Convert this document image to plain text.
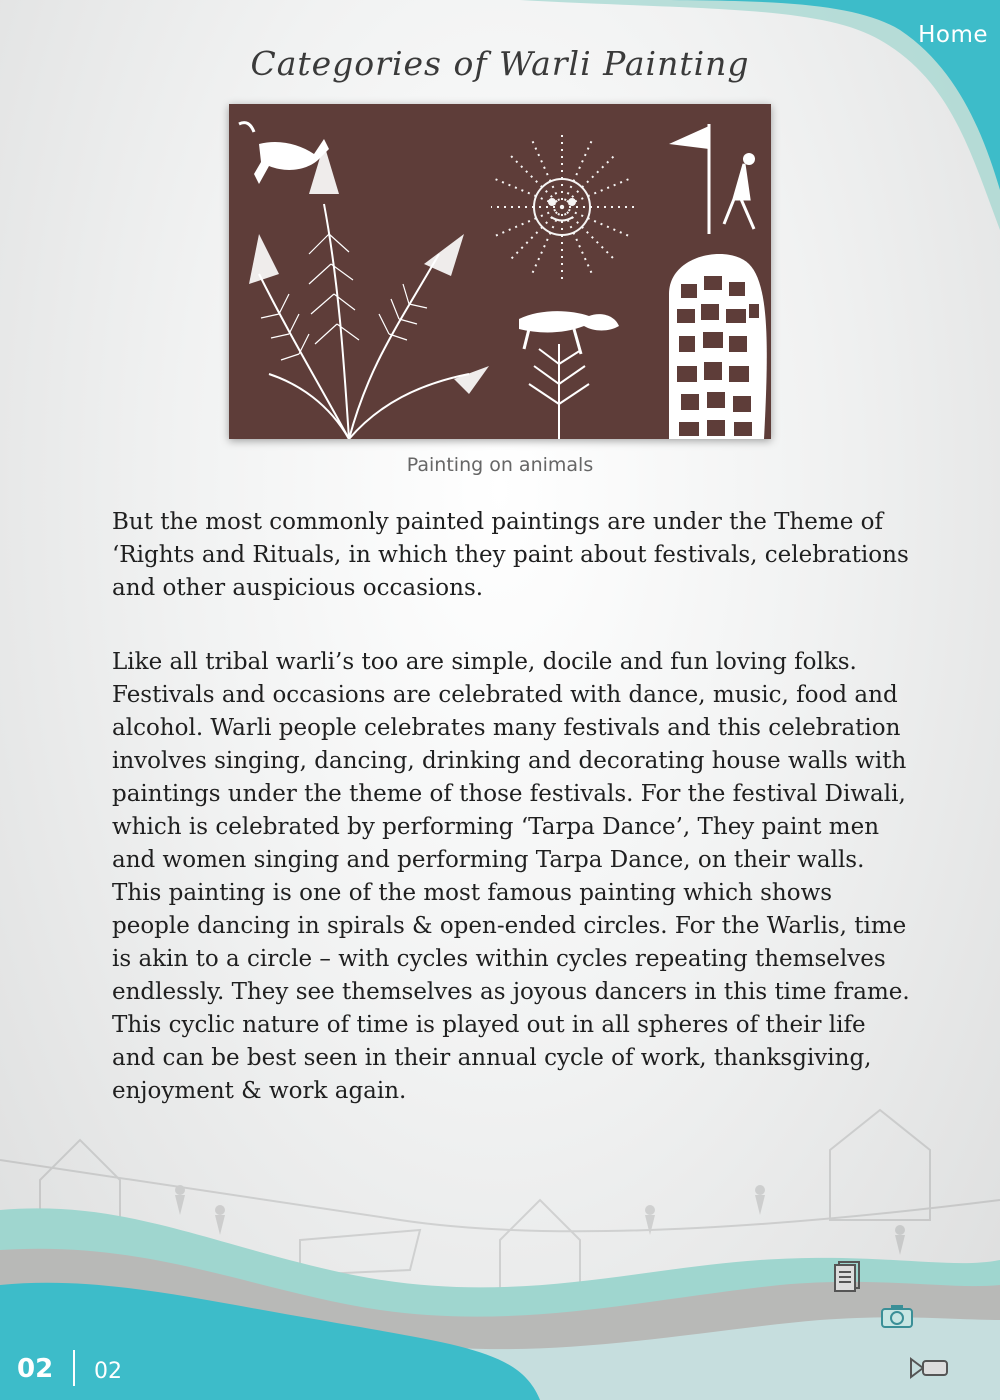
Home
Categories of Warli Painting
Painting on animals

But the most commonly painted paintings are under the Theme of ‘Rights and Rituals, in which they paint about festivals, celebrations and other auspicious occasions.

Like all tribal warli’s too are simple, docile and fun loving folks. Festivals and occasions are celebrated with dance, music, food and alcohol. Warli people celebrates many festivals and this celebration involves singing, dancing, drinking and decorating house walls with paintings under the theme of those festivals. For the festival Diwali, which is celebrated by performing ‘Tarpa Dance’, They paint men and women singing and performing Tarpa Dance, on their walls. This painting is one of the most famous painting which shows people dancing in spirals & open-ended circles. For the Warlis, time is akin to a circle – with cycles within cycles repeating themselves endlessly. They see themselves as joyous dancers in this time frame. This cyclic nature of time is played out in all spheres of their life and can be best seen in their annual cycle of work, thanksgiving, enjoyment & work again.

02 02
